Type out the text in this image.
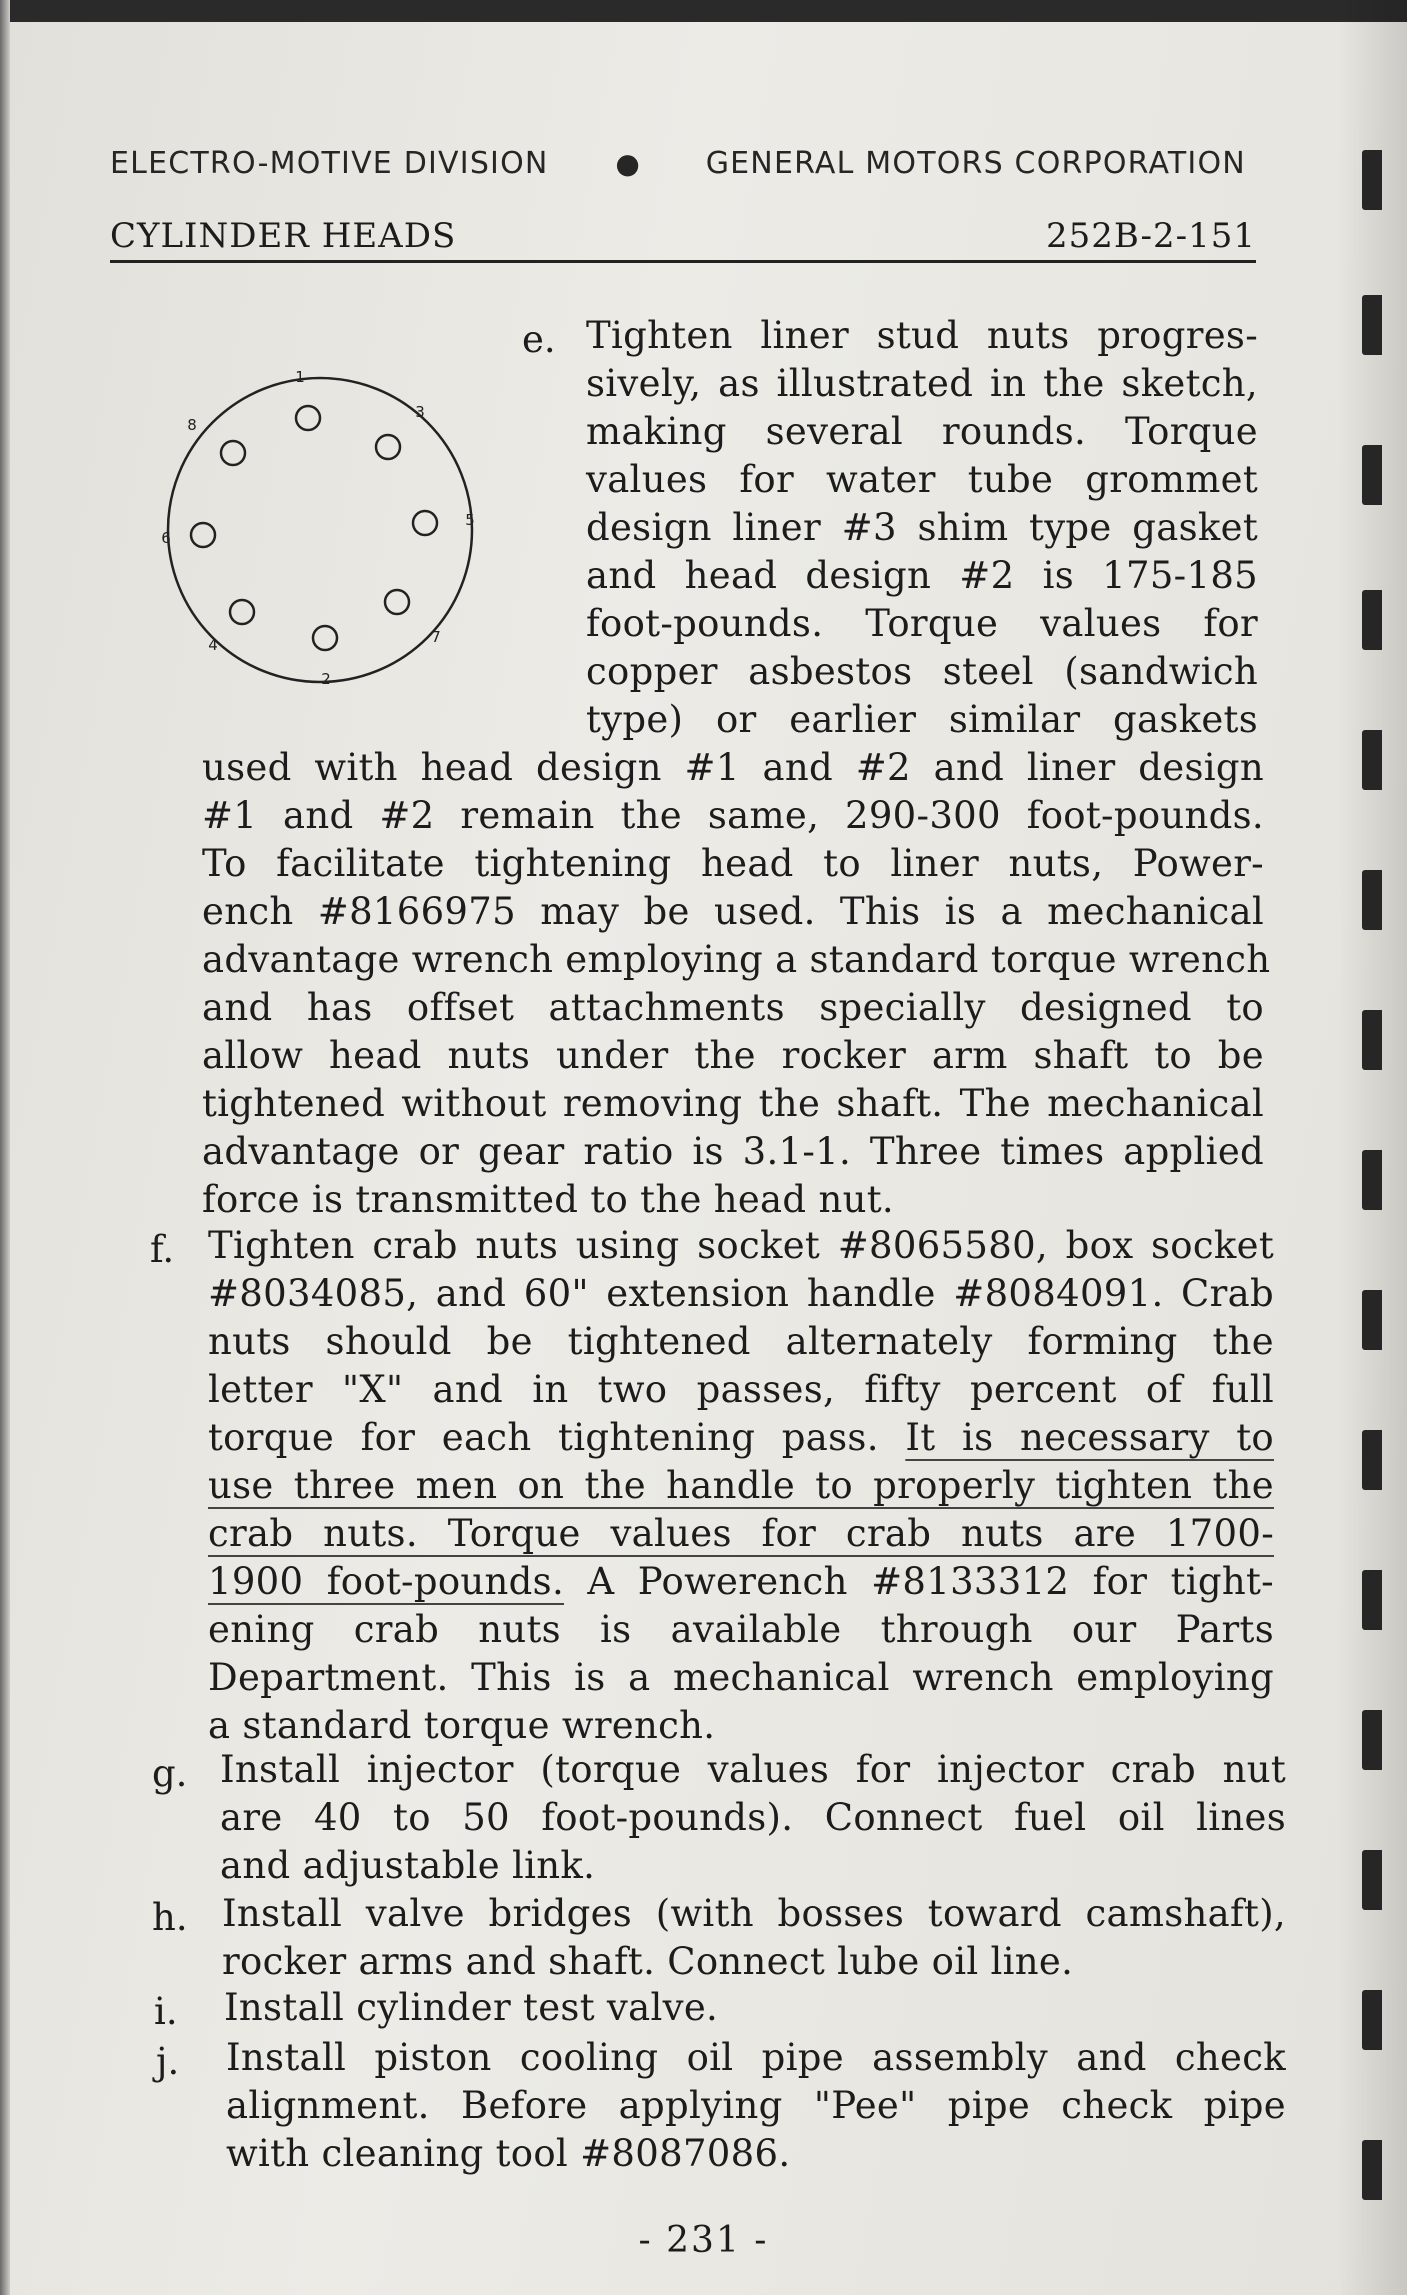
ELECTRO-MOTIVE DIVISION ● GENERAL MOTORS CORPORATION
CYLINDER HEADS	252B-2-151
1
2
3
4
5
6
7
8
e. Tighten liner stud nuts progres-
sively, as illustrated in the sketch,
making several rounds. Torque
values for water tube grommet
design liner #3 shim type gasket
and head design #2 is 175-185
foot-pounds. Torque values for
copper asbestos steel (sandwich
type) or earlier similar gaskets
used with head design #1 and #2 and liner design
#1 and #2 remain the same, 290-300 foot-pounds.
To facilitate tightening head to liner nuts, Power-
ench #8166975 may be used. This is a mechanical
advantage wrench employing a standard torque wrench
and has offset attachments specially designed to
allow head nuts under the rocker arm shaft to be
tightened without removing the shaft. The mechanical
advantage or gear ratio is 3.1-1. Three times applied
force is transmitted to the head nut.
f. Tighten crab nuts using socket #8065580, box socket
#8034085, and 60" extension handle #8084091. Crab
nuts should be tightened alternately forming the
letter "X" and in two passes, fifty percent of full
torque for each tightening pass. It is necessary to
use three men on the handle to properly tighten the
crab nuts. Torque values for crab nuts are 1700-
1900 foot-pounds. A Powerench #8133312 for tight-
ening crab nuts is available through our Parts
Department. This is a mechanical wrench employing
a standard torque wrench.
g. Install injector (torque values for injector crab nut
are 40 to 50 foot-pounds). Connect fuel oil lines
and adjustable link.
h. Install valve bridges (with bosses toward camshaft),
rocker arms and shaft. Connect lube oil line.
i. Install cylinder test valve.
j. Install piston cooling oil pipe assembly and check
alignment. Before applying "Pee" pipe check pipe
with cleaning tool #8087086.
- 231 -
